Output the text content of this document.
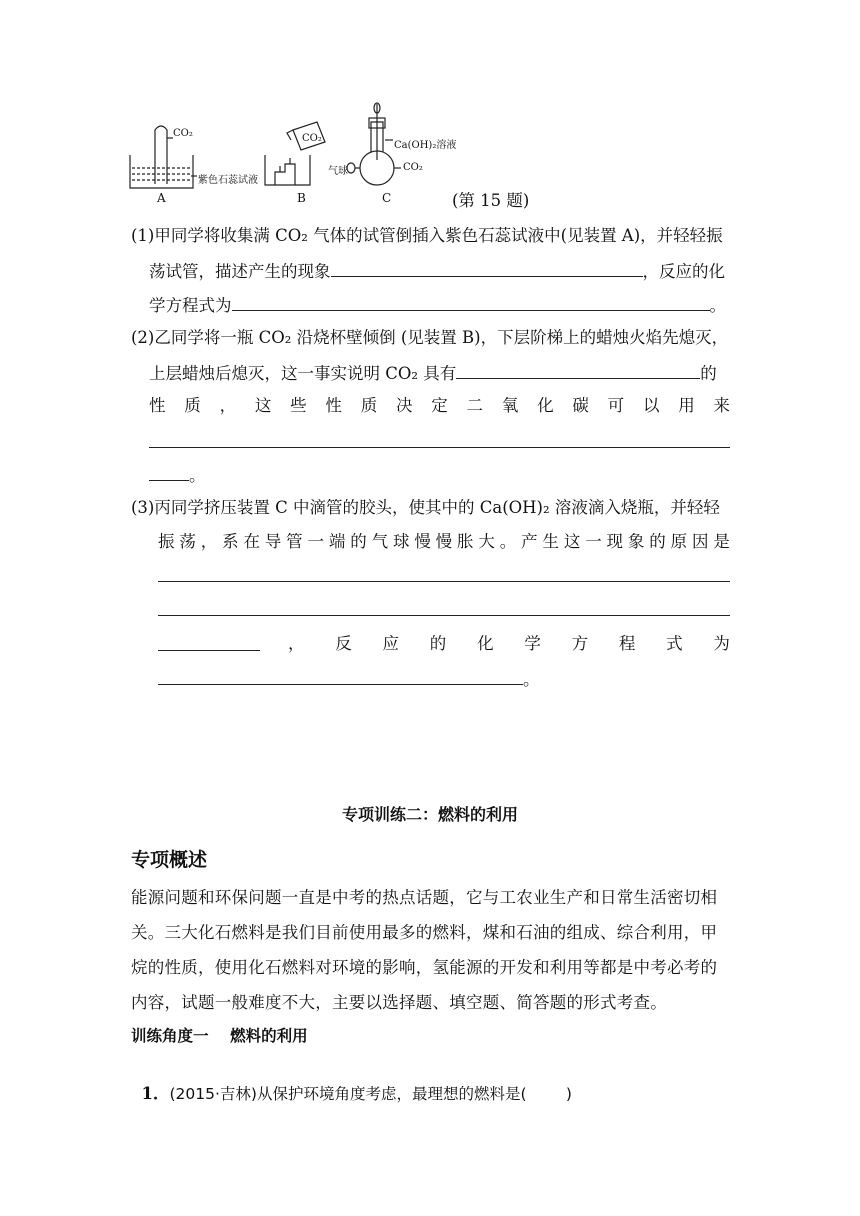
CO₂
紫色石蕊试液
CO₂
Ca(OH)₂溶液
气球	CO₂
A	B	C	(第 15 题)
(1)甲同学将收集满 CO₂ 气体的试管倒插入紫色石蕊试液中(见装置 A)，并轻轻振
荡试管，描述产生的现象	，反应的化
学方程式为	。
(2)乙同学将一瓶 CO₂ 沿烧杯壁倾倒 (见装置 B)，下层阶梯上的蜡烛火焰先熄灭，
上层蜡烛后熄灭，这一事实说明 CO₂ 具有	的
性 质 ， 这 些 性 质 决 定 二 氧 化 碳 可 以 用 来
。
(3)丙同学挤压装置 C 中滴管的胶头，使其中的 Ca(OH)₂ 溶液滴入烧瓶，并轻轻
振 荡 ， 系 在 导 管 一 端 的 气 球 慢 慢 胀 大 。 产 生 这 一 现 象 的 原 因 是
， 反 应 的 化 学 方 程 式 为
。
专项训练二：燃料的利用
专项概述
能源问题和环保问题一直是中考的热点话题，它与工农业生产和日常生活密切相
关。三大化石燃料是我们目前使用最多的燃料，煤和石油的组成、综合利用，甲
烷的性质，使用化石燃料对环境的影响，氢能源的开发和利用等都是中考必考的
内容，试题一般难度不大，主要以选择题、填空题、简答题的形式考查。
训练角度一    燃料的利用

1．(2015·吉林)从保护环境角度考虑，最理想的燃料是(        )
